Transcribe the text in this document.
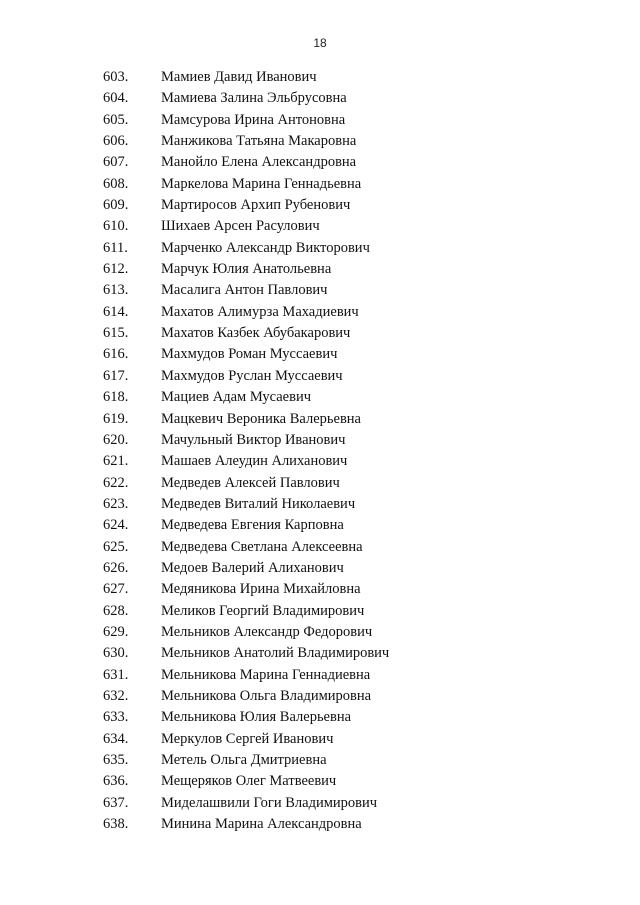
18
603. Мамиев Давид Иванович
604. Мамиева Залина Эльбрусовна
605. Мамсурова Ирина Антоновна
606. Манжикова Татьяна Макаровна
607. Манойло Елена Александровна
608. Маркелова Марина Геннадьевна
609. Мартиросов Архип Рубенович
610. Шихаев Арсен Расулович
611. Марченко Александр Викторович
612. Марчук Юлия Анатольевна
613. Масалига Антон Павлович
614. Махатов Алимурза Махадиевич
615. Махатов Казбек Абубакарович
616. Махмудов Роман Муссаевич
617. Махмудов Руслан Муссаевич
618. Мациев Адам Мусаевич
619. Мацкевич Вероника Валерьевна
620. Мачульный Виктор Иванович
621. Машаев Алеудин Алиханович
622. Медведев Алексей Павлович
623. Медведев Виталий Николаевич
624. Медведева Евгения Карповна
625. Медведева Светлана Алексеевна
626. Медоев Валерий Алиханович
627. Медяникова Ирина Михайловна
628. Меликов Георгий Владимирович
629. Мельников Александр Федорович
630. Мельников Анатолий Владимирович
631. Мельникова Марина Геннадиевна
632. Мельникова Ольга Владимировна
633. Мельникова Юлия Валерьевна
634. Меркулов Сергей Иванович
635. Метель Ольга Дмитриевна
636. Мещеряков Олег Матвеевич
637. Миделашвили Гоги Владимирович
638. Минина Марина Александровна
